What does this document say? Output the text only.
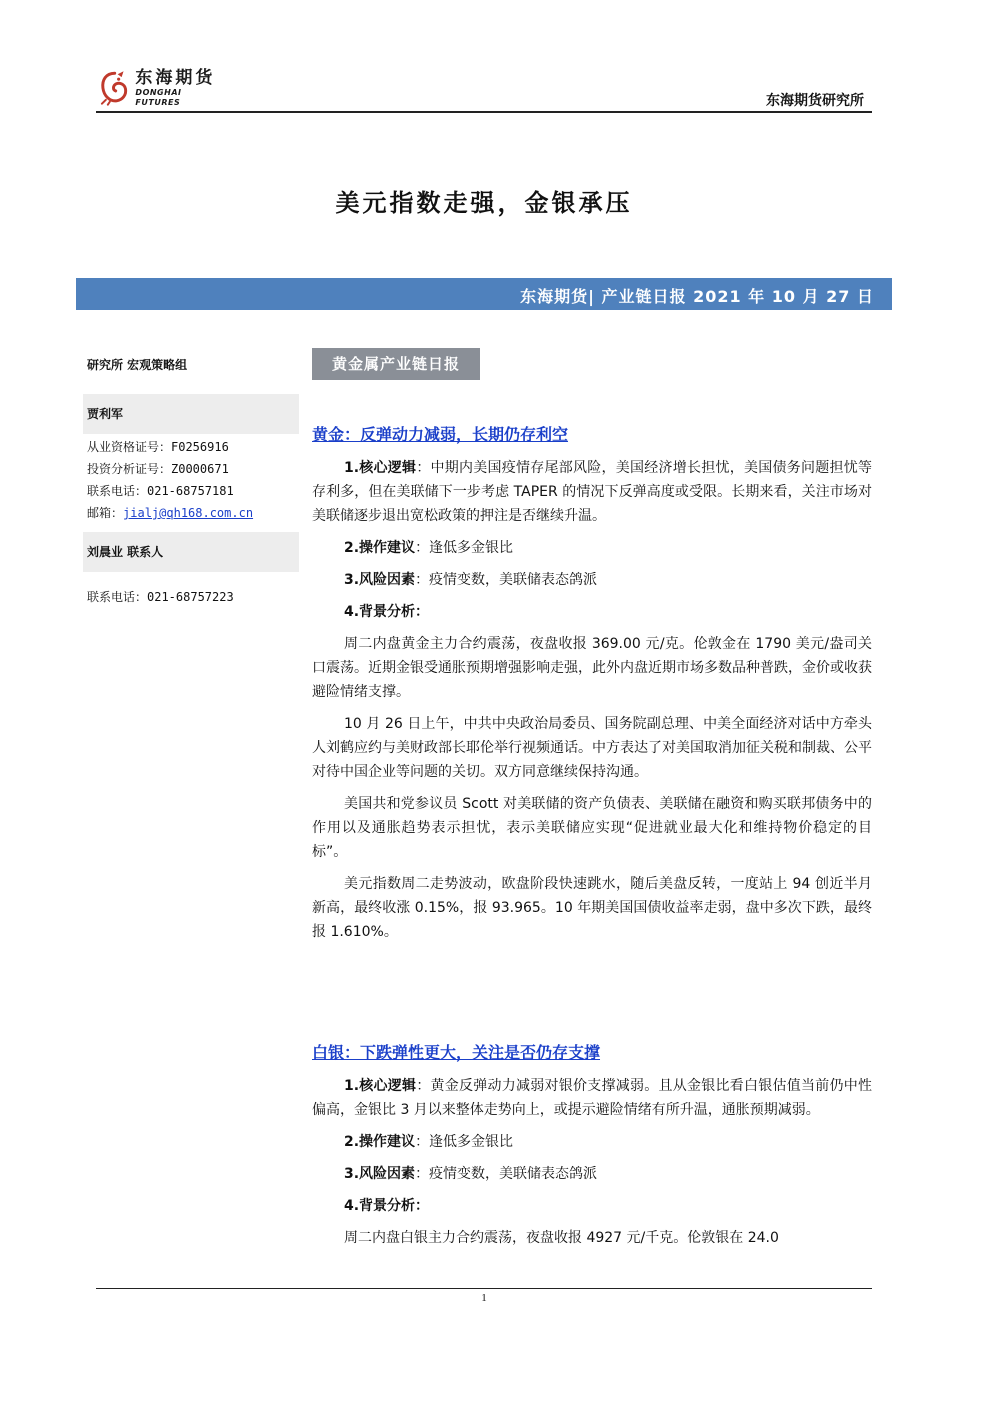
东海期货
DONGHAI FUTURES	东海期货研究所
美元指数走强，金银承压
东海期货| 产业链日报 2021 年 10 月 27 日
研究所 宏观策略组
贾利军
从业资格证号：F0256916
投资分析证号：Z0000671
联系电话：021-68757181
邮箱：jialj@qh168.com.cn
刘晨业 联系人
联系电话：021-68757223
黄金属产业链日报
黄金：反弹动力减弱，长期仍存利空

1.核心逻辑：中期内美国疫情存尾部风险，美国经济增长担忧，美国债务问题担忧等存利多，但在美联储下一步考虑 TAPER 的情况下反弹高度或受限。长期来看，关注市场对美联储逐步退出宽松政策的押注是否继续升温。

2.操作建议：逢低多金银比

3.风险因素：疫情变数，美联储表态鸽派

4.背景分析：

周二内盘黄金主力合约震荡，夜盘收报 369.00 元/克。伦敦金在 1790 美元/盎司关口震荡。近期金银受通胀预期增强影响走强，此外内盘近期市场多数品种普跌，金价或收获避险情绪支撑。

10 月 26 日上午，中共中央政治局委员、国务院副总理、中美全面经济对话中方牵头人刘鹤应约与美财政部长耶伦举行视频通话。中方表达了对美国取消加征关税和制裁、公平对待中国企业等问题的关切。双方同意继续保持沟通。

美国共和党参议员 Scott 对美联储的资产负债表、美联储在融资和购买联邦债务中的作用以及通胀趋势表示担忧，表示美联储应实现“促进就业最大化和维持物价稳定的目标”。

美元指数周二走势波动，欧盘阶段快速跳水，随后美盘反转，一度站上 94 创近半月新高，最终收涨 0.15%，报 93.965。10 年期美国国债收益率走弱，盘中多次下跌，最终报 1.610%。

白银：下跌弹性更大，关注是否仍存支撑

1.核心逻辑：黄金反弹动力减弱对银价支撑减弱。且从金银比看白银估值当前仍中性偏高，金银比 3 月以来整体走势向上，或提示避险情绪有所升温，通胀预期减弱。

2.操作建议：逢低多金银比

3.风险因素：疫情变数，美联储表态鸽派

4.背景分析：

周二内盘白银主力合约震荡，夜盘收报 4927 元/千克。伦敦银在 24.0

1
